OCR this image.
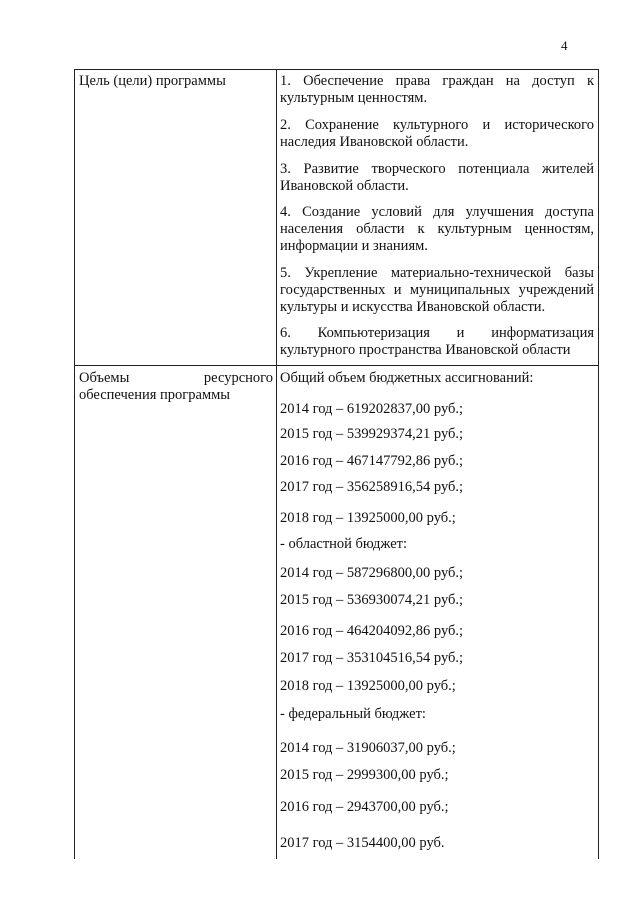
4
Цель (цели) программы	1. Обеспечение права граждан на доступ к
культурным ценностям.
2. Сохранение культурного и исторического
наследия Ивановской области.
3. Развитие творческого потенциала жителей
Ивановской области.
4. Создание условий для улучшения доступа
населения области к культурным ценностям,
информации и знаниям.
5. Укрепление материально-технической базы
государственных и муниципальных учреждений
культуры и искусства Ивановской области.
6. Компьютеризация и информатизация
культурного пространства Ивановской области
Объемы ресурсного
обеспечения программы
Общий объем бюджетных ассигнований:
2014 год – 619202837,00 руб.;
2015 год – 539929374,21 руб.;
2016 год – 467147792,86 руб.;
2017 год – 356258916,54 руб.;
2018 год – 13925000,00 руб.;
- областной бюджет:
2014 год – 587296800,00 руб.;
2015 год – 536930074,21 руб.;
2016 год – 464204092,86 руб.;
2017 год – 353104516,54 руб.;
2018 год – 13925000,00 руб.;
- федеральный бюджет:
2014 год – 31906037,00 руб.;
2015 год – 2999300,00 руб.;
2016 год – 2943700,00 руб.;
2017 год – 3154400,00 руб.
